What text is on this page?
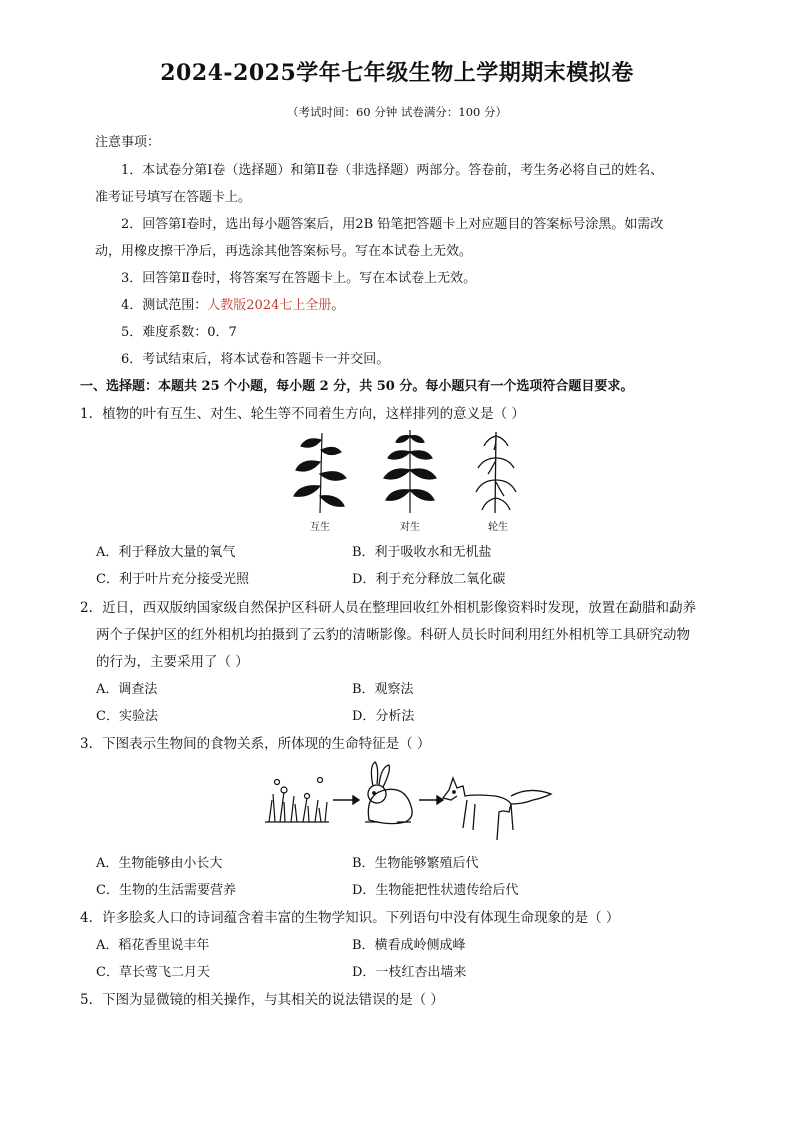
2024-2025学年七年级生物上学期期末模拟卷
（考试时间：60 分钟 试卷满分：100 分）
注意事项：
1．本试卷分第Ⅰ卷（选择题）和第Ⅱ卷（非选择题）两部分。答卷前，考生务必将自己的姓名、
准考证号填写在答题卡上。
2．回答第Ⅰ卷时，选出每小题答案后，用2B 铅笔把答题卡上对应题目的答案标号涂黑。如需改
动，用橡皮擦干净后，再选涂其他答案标号。写在本试卷上无效。
3．回答第Ⅱ卷时，将答案写在答题卡上。写在本试卷上无效。
4．测试范围：人教版2024七上全册。
5．难度系数：0．7
6．考试结束后，将本试卷和答题卡一并交回。
一、选择题：本题共 25 个小题，每小题 2 分，共 50 分。每小题只有一个选项符合题目要求。
1．植物的叶有互生、对生、轮生等不同着生方向，这样排列的意义是（ ）
互生	对生	轮生
A．利于释放大量的氧气	B．利于吸收水和无机盐
C．利于叶片充分接受光照	D．利于充分释放二氧化碳
2．近日，西双版纳国家级自然保护区科研人员在整理回收红外相机影像资料时发现，放置在勐腊和勐养
两个子保护区的红外相机均拍摄到了云豹的清晰影像。科研人员长时间利用红外相机等工具研究动物
的行为，主要采用了（ ）
A．调查法	B．观察法
C．实验法	D．分析法
3．下图表示生物间的食物关系，所体现的生命特征是（ ）
A．生物能够由小长大	B．生物能够繁殖后代
C．生物的生活需要营养	D．生物能把性状遗传给后代
4．许多脍炙人口的诗词蕴含着丰富的生物学知识。下列语句中没有体现生命现象的是（ ）
A．稻花香里说丰年	B．横看成岭侧成峰
C．草长莺飞二月天	D．一枝红杏出墙来
5．下图为显微镜的相关操作，与其相关的说法错误的是（ ）
